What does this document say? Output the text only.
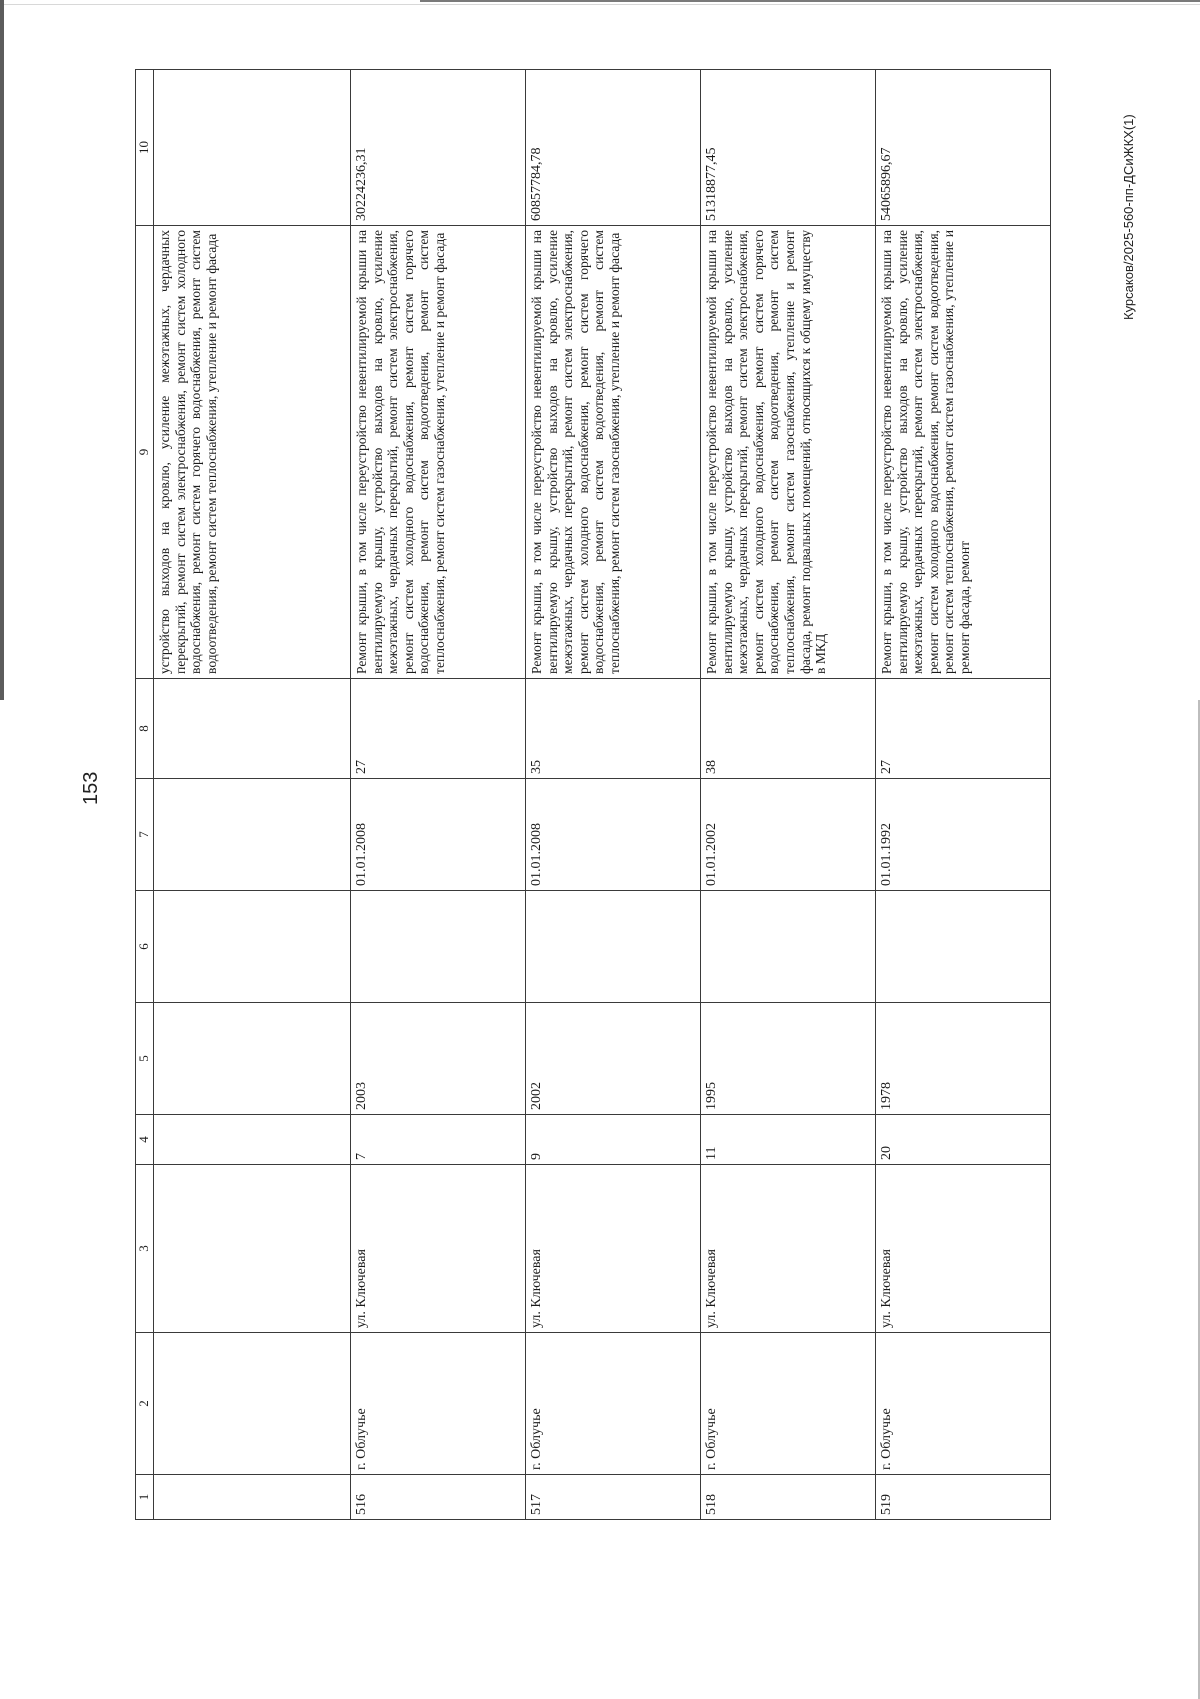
153
Курсаков/2025-560-пп-ДСиЖКХ(1)
1	2	3	4	5	6	7	8	9	10
								устройство выходов на кровлю, усиление межэтажных, чердачных перекрытий, ремонт систем электроснабжения, ремонт систем холодного водоснабжения, ремонт систем горячего водоснабжения, ремонт систем водоотведения, ремонт систем теплоснабжения, утепление и ремонт фасада	
516	г. Облучье	ул. Ключевая	7	2003		01.01.2008	27	Ремонт крыши, в том числе переустройство невентилируемой крыши на вентилируемую крышу, устройство выходов на кровлю, усиление межэтажных, чердачных перекрытий, ремонт систем электроснабжения, ремонт систем холодного водоснабжения, ремонт систем горячего водоснабжения, ремонт систем водоотведения, ремонт систем теплоснабжения, ремонт систем газоснабжения, утепление и ремонт фасада	30224236,31
517	г. Облучье	ул. Ключевая	9	2002		01.01.2008	35	Ремонт крыши, в том числе переустройство невентилируемой крыши на вентилируемую крышу, устройство выходов на кровлю, усиление межэтажных, чердачных перекрытий, ремонт систем электроснабжения, ремонт систем холодного водоснабжения, ремонт систем горячего водоснабжения, ремонт систем водоотведения, ремонт систем теплоснабжения, ремонт систем газоснабжения, утепление и ремонт фасада	60857784,78
518	г. Облучье	ул. Ключевая	11	1995		01.01.2002	38	Ремонт крыши, в том числе переустройство невентилируемой крыши на вентилируемую крышу, устройство выходов на кровлю, усиление межэтажных, чердачных перекрытий, ремонт систем электроснабжения, ремонт систем холодного водоснабжения, ремонт систем горячего водоснабжения, ремонт систем водоотведения, ремонт систем теплоснабжения, ремонт систем газоснабжения, утепление и ремонт фасада, ремонт подвальных помещений, относящихся к общему имуществу в МКД	51318877,45
519	г. Облучье	ул. Ключевая	20	1978		01.01.1992	27	Ремонт крыши, в том числе переустройство невентилируемой крыши на вентилируемую крышу, устройство выходов на кровлю, усиление межэтажных, чердачных перекрытий, ремонт систем электроснабжения, ремонт систем холодного водоснабжения, ремонт систем водоотведения, ремонт систем теплоснабжения, ремонт систем газоснабжения, утепление и ремонт фасада, ремонт	54065896,67
